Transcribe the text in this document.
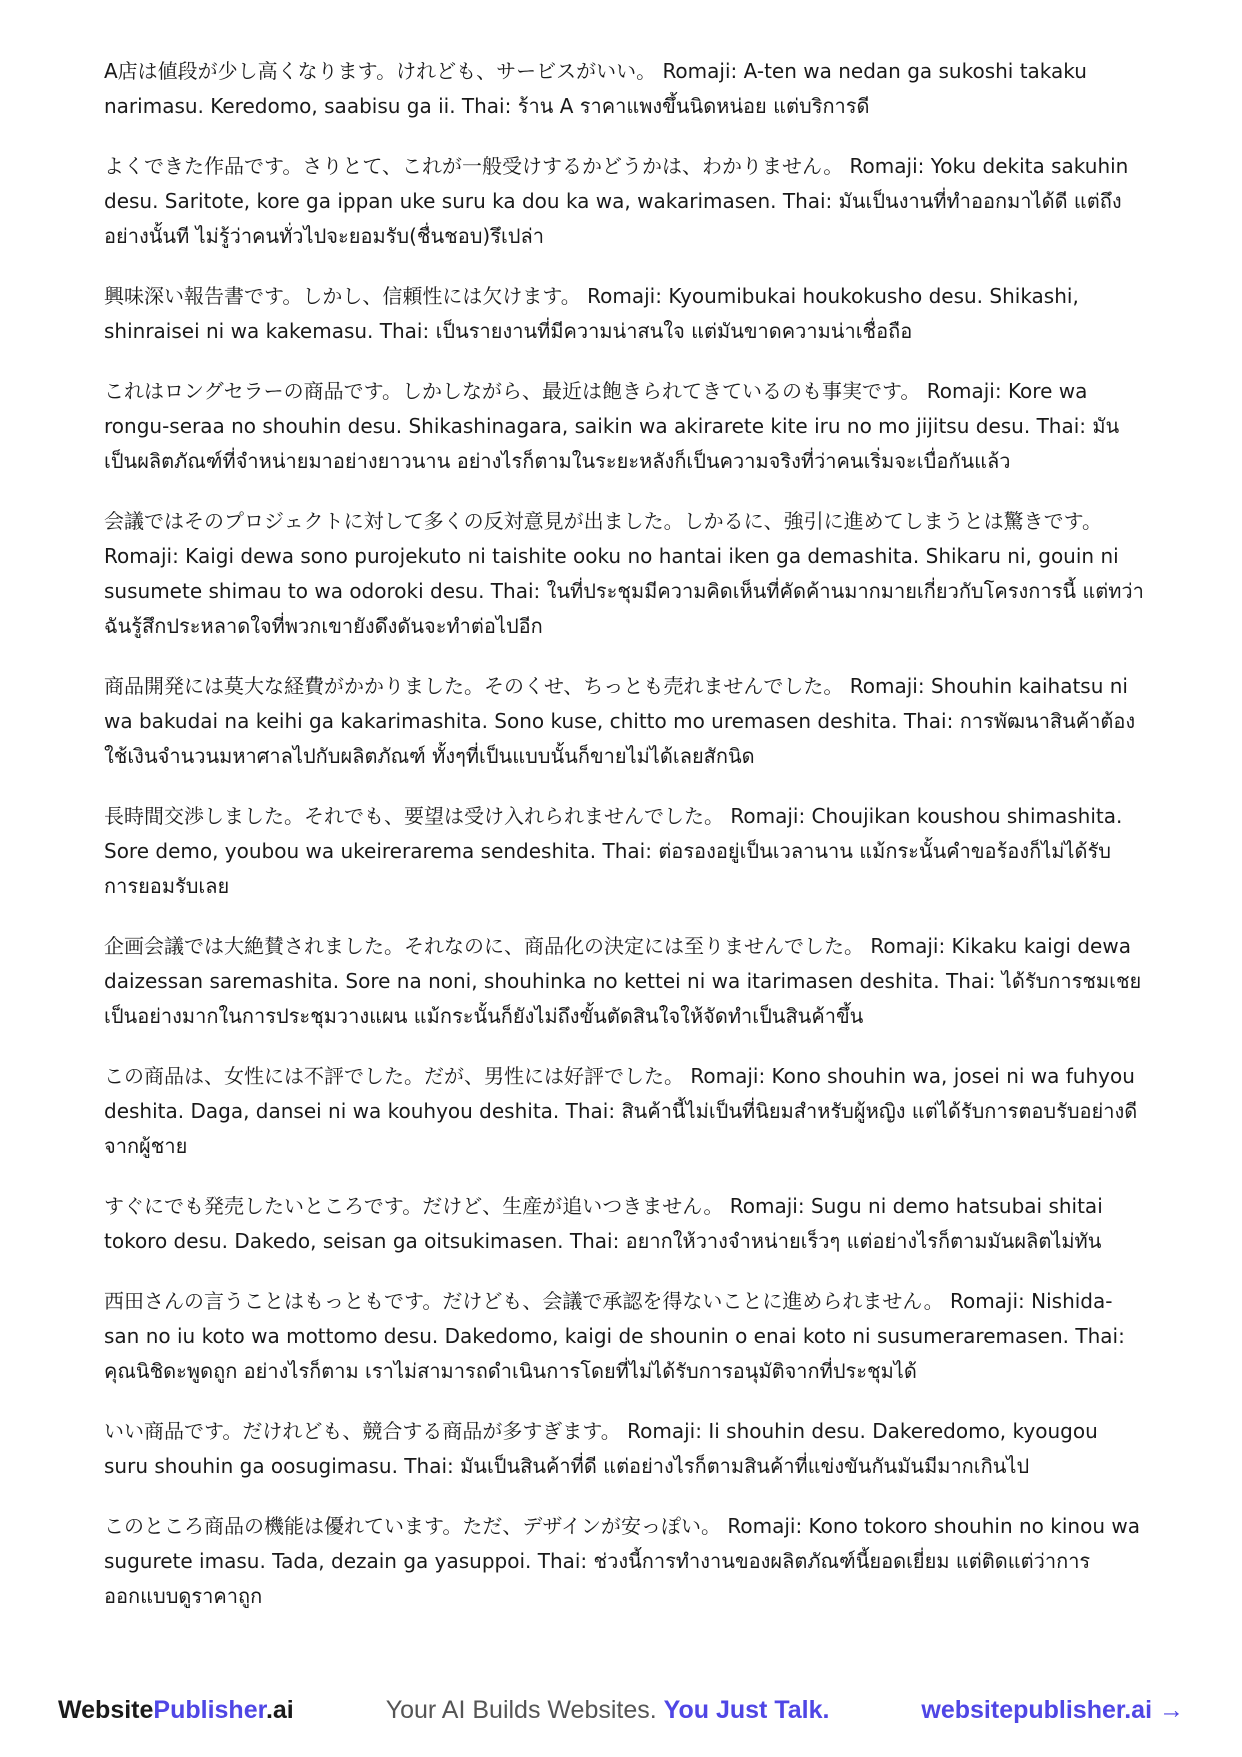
A店は値段が少し高くなります。けれども、サービスがいい。 Romaji: A-ten wa nedan ga sukoshi takaku narimasu. Keredomo, saabisu ga ii. Thai: ร้าน A ราคาแพงขึ้นนิดหน่อย แต่บริการดี

よくできた作品です。さりとて、これが一般受けするかどうかは、わかりません。 Romaji: Yoku dekita sakuhin desu. Saritote, kore ga ippan uke suru ka dou ka wa, wakarimasen. Thai: มันเป็นงานที่ทำออกมาได้ดี แต่ถึงอย่างนั้นที ไม่รู้ว่าคนทั่วไปจะยอมรับ(ชื่นชอบ)รึเปล่า

興味深い報告書です。しかし、信頼性には欠けます。 Romaji: Kyoumibukai houkokusho desu. Shikashi, shinraisei ni wa kakemasu. Thai: เป็นรายงานที่มีความน่าสนใจ แต่มันขาดความน่าเชื่อถือ

これはロングセラーの商品です。しかしながら、最近は飽きられてきているのも事実です。 Romaji: Kore wa rongu-seraa no shouhin desu. Shikashinagara, saikin wa akirarete kite iru no mo jijitsu desu. Thai: มันเป็นผลิตภัณฑ์ที่จำหน่ายมาอย่างยาวนาน อย่างไรก็ตามในระยะหลังก็เป็นความจริงที่ว่าคนเริ่มจะเบื่อกันแล้ว

会議ではそのプロジェクトに対して多くの反対意見が出ました。しかるに、強引に進めてしまうとは驚きです。 Romaji: Kaigi dewa sono purojekuto ni taishite ooku no hantai iken ga demashita. Shikaru ni, gouin ni susumete shimau to wa odoroki desu. Thai: ในที่ประชุมมีความคิดเห็นที่คัดค้านมากมายเกี่ยวกับโครงการนี้ แต่ทว่าฉันรู้สึกประหลาดใจที่พวกเขายังดึงดันจะทำต่อไปอีก

商品開発には莫大な経費がかかりました。そのくせ、ちっとも売れませんでした。 Romaji: Shouhin kaihatsu ni wa bakudai na keihi ga kakarimashita. Sono kuse, chitto mo uremasen deshita. Thai: การพัฒนาสินค้าต้องใช้เงินจำนวนมหาศาลไปกับผลิตภัณฑ์ ทั้งๆที่เป็นแบบนั้นก็ขายไม่ได้เลยสักนิด

長時間交渉しました。それでも、要望は受け入れられませんでした。 Romaji: Choujikan koushou shimashita. Sore demo, youbou wa ukeirerarema sendeshita. Thai: ต่อรองอยู่เป็นเวลานาน แม้กระนั้นคำขอร้องก็ไม่ได้รับการยอมรับเลย

企画会議では大絶賛されました。それなのに、商品化の決定には至りませんでした。 Romaji: Kikaku kaigi dewa daizessan saremashita. Sore na noni, shouhinka no kettei ni wa itarimasen deshita. Thai: ได้รับการชมเชยเป็นอย่างมากในการประชุมวางแผน แม้กระนั้นก็ยังไม่ถึงขั้นตัดสินใจให้จัดทำเป็นสินค้าขึ้น

この商品は、女性には不評でした。だが、男性には好評でした。 Romaji: Kono shouhin wa, josei ni wa fuhyou deshita. Daga, dansei ni wa kouhyou deshita. Thai: สินค้านี้ไม่เป็นที่นิยมสำหรับผู้หญิง แต่ได้รับการตอบรับอย่างดีจากผู้ชาย

すぐにでも発売したいところです。だけど、生産が追いつきません。 Romaji: Sugu ni demo hatsubai shitai tokoro desu. Dakedo, seisan ga oitsukimasen. Thai: อยากให้วางจำหน่ายเร็วๆ แต่อย่างไรก็ตามมันผลิตไม่ทัน

西田さんの言うことはもっともです。だけども、会議で承認を得ないことに進められません。 Romaji: Nishida-san no iu koto wa mottomo desu. Dakedomo, kaigi de shounin o enai koto ni susumeraremasen. Thai: คุณนิชิดะพูดถูก อย่างไรก็ตาม เราไม่สามารถดำเนินการโดยที่ไม่ได้รับการอนุมัติจากที่ประชุมได้

いい商品です。だけれども、競合する商品が多すぎます。 Romaji: Ii shouhin desu. Dakeredomo, kyougou suru shouhin ga oosugimasu. Thai: มันเป็นสินค้าที่ดี แต่อย่างไรก็ตามสินค้าที่แข่งขันกันมันมีมากเกินไป

このところ商品の機能は優れています。ただ、デザインが安っぽい。 Romaji: Kono tokoro shouhin no kinou wa sugurete imasu. Tada, dezain ga yasuppoi. Thai: ช่วงนี้การทำงานของผลิตภัณฑ์นี้ยอดเยี่ยม แต่ติดแต่ว่าการออกแบบดูราคาถูก

WebsitePublisher.ai	Your AI Builds Websites. You Just Talk.	websitepublisher.ai →
